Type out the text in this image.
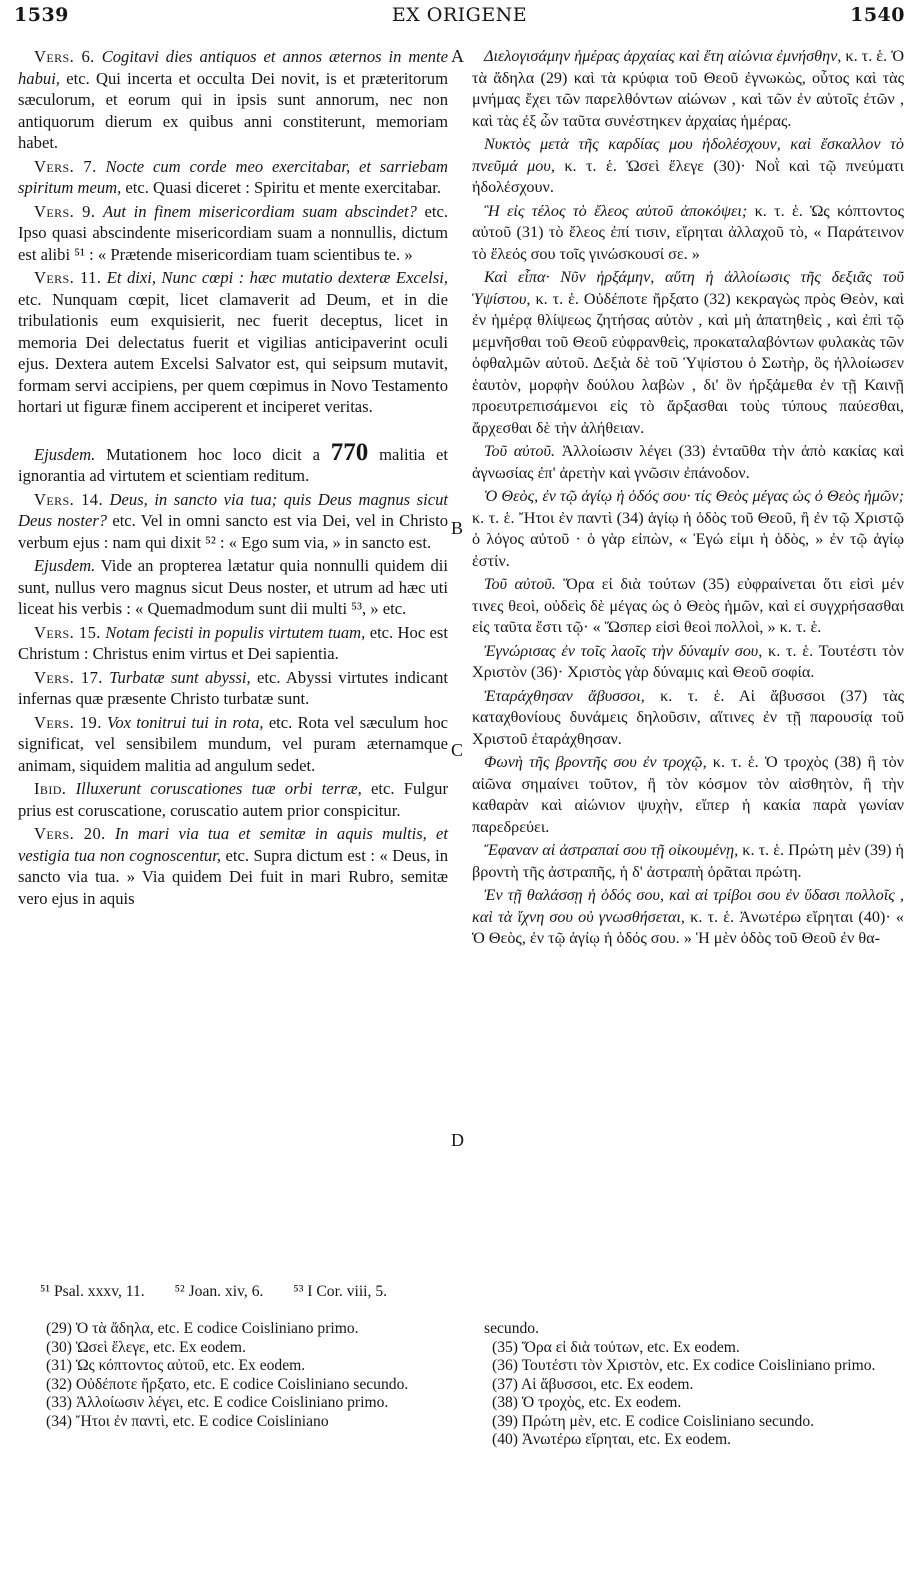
1539	EX ORIGENE	1540
A
B
C
D

Vers. 6. Cogitavi dies antiquos et annos æternos in mente habui, etc. Qui incerta et occulta Dei novit, is et præteritorum sæculorum, et eorum qui in ipsis sunt annorum, nec non antiquorum dierum ex quibus anni constiterunt, memoriam habet.

Vers. 7. Nocte cum corde meo exercitabar, et sarriebam spiritum meum, etc. Quasi diceret : Spiritu et mente exercitabar.

Vers. 9. Aut in finem misericordiam suam abscindet? etc. Ipso quasi abscindente misericordiam suam a nonnullis, dictum est alibi ⁵¹ : « Prætende misericordiam tuam scientibus te. »

Vers. 11. Et dixi, Nunc cœpi : hæc mutatio dexteræ Excelsi, etc. Nunquam cœpit, licet clamaverit ad Deum, et in die tribulationis eum exquisierit, nec fuerit deceptus, licet in memoria Dei delectatus fuerit et vigilias anticipaverint oculi ejus. Dextera autem Excelsi Salvator est, qui seipsum mutavit, formam servi accipiens, per quem cœpimus in Novo Testamento hortari ut figuræ finem acciperent et inciperet veritas.

Ejusdem. Mutationem hoc loco dicit a 770 malitia et ignorantia ad virtutem et scientiam reditum.

Vers. 14. Deus, in sancto via tua; quis Deus magnus sicut Deus noster? etc. Vel in omni sancto est via Dei, vel in Christo verbum ejus : nam qui dixit ⁵² : « Ego sum via, » in sancto est.

Ejusdem. Vide an propterea lætatur quia nonnulli quidem dii sunt, nullus vero magnus sicut Deus noster, et utrum ad hæc uti liceat his verbis : « Quemadmodum sunt dii multi ⁵³, » etc.

Vers. 15. Notam fecisti in populis virtutem tuam, etc. Hoc est Christum : Christus enim virtus et Dei sapientia.

Vers. 17. Turbatæ sunt abyssi, etc. Abyssi virtutes indicant infernas quæ præsente Christo turbatæ sunt.

Vers. 19. Vox tonitrui tui in rota, etc. Rota vel sæculum hoc significat, vel sensibilem mundum, vel puram æternamque animam, siquidem malitia ad angulum sedet.

Ibid. Illuxerunt coruscationes tuæ orbi terræ, etc. Fulgur prius est coruscatione, coruscatio autem prior conspicitur.

Vers. 20. In mari via tua et semitæ in aquis multis, et vestigia tua non cognoscentur, etc. Supra dictum est : « Deus, in sancto via tua. » Via quidem Dei fuit in mari Rubro, semitæ vero ejus in aquis

Διελογισάμην ἡμέρας ἀρχαίας καὶ ἔτη αἰώνια ἐμνήσθην, κ. τ. ἑ. Ὁ τὰ ἄδηλα (29) καὶ τὰ κρύφια τοῦ Θεοῦ ἐγνωκὼς, οὗτος καὶ τὰς μνήμας ἔχει τῶν παρελθόντων αἰώνων , καὶ τῶν ἐν αὐτοῖς ἐτῶν , καὶ τὰς ἐξ ὧν ταῦτα συνέστηκεν ἀρχαίας ἡμέρας.

Νυκτὸς μετὰ τῆς καρδίας μου ἠδολέσχουν, καὶ ἔσκαλλον τὸ πνεῦμά μου, κ. τ. ἑ. Ὡσεὶ ἔλεγε (30)· Νοῒ καὶ τῷ πνεύματι ἠδολέσχουν.

Ἢ εἰς τέλος τὸ ἔλεος αὐτοῦ ἀποκόψει; κ. τ. ἑ. Ὡς κόπτοντος αὐτοῦ (31) τὸ ἔλεος ἐπί τισιν, εἴρηται ἀλλαχοῦ τὸ, « Παράτεινον τὸ ἔλεός σου τοῖς γινώσκουσί σε. »

Καὶ εἶπα· Νῦν ἠρξάμην, αὕτη ἡ ἀλλοίωσις τῆς δεξιᾶς τοῦ Ὑψίστου, κ. τ. ἑ. Οὐδέποτε ἤρξατο (32) κεκραγὼς πρὸς Θεὸν, καὶ ἐν ἡμέρᾳ θλίψεως ζητήσας αὐτὸν , καὶ μὴ ἀπατηθεὶς , καὶ ἐπὶ τῷ μεμνῆσθαι τοῦ Θεοῦ εὐφρανθεὶς, προκαταλαβόντων φυλακὰς τῶν ὀφθαλμῶν αὐτοῦ. Δεξιὰ δὲ τοῦ Ὑψίστου ὁ Σωτὴρ, ὃς ἠλλοίωσεν ἑαυτὸν, μορφὴν δούλου λαβὼν , δι' ὃν ἠρξάμεθα ἐν τῇ Καινῇ προευτρεπισάμενοι εἰς τὸ ἄρξασθαι τοὺς τύπους παύεσθαι, ἄρχεσθαι δὲ τὴν ἀλήθειαν.

Τοῦ αὐτοῦ. Ἀλλοίωσιν λέγει (33) ἐνταῦθα τὴν ἀπὸ κακίας καὶ ἀγνωσίας ἐπ' ἀρετὴν καὶ γνῶσιν ἐπάνοδον.

Ὁ Θεὸς, ἐν τῷ ἁγίῳ ἡ ὁδός σου· τίς Θεὸς μέγας ὡς ὁ Θεὸς ἡμῶν; κ. τ. ἑ. Ἤτοι ἐν παντὶ (34) ἁγίῳ ἡ ὁδὸς τοῦ Θεοῦ, ἢ ἐν τῷ Χριστῷ ὁ λόγος αὐτοῦ · ὁ γὰρ εἰπὼν, « Ἐγώ εἰμι ἡ ὁδὸς, » ἐν τῷ ἁγίῳ ἐστίν.

Τοῦ αὐτοῦ. Ὅρα εἰ διὰ τούτων (35) εὐφραίνεται ὅτι εἰσὶ μέν τινες θεοὶ, οὐδεὶς δὲ μέγας ὡς ὁ Θεὸς ἡμῶν, καὶ εἰ συγχρήσασθαι εἰς ταῦτα ἔστι τῷ· « Ὥσπερ εἰσὶ θεοὶ πολλοὶ, » κ. τ. ἑ.

Ἐγνώρισας ἐν τοῖς λαοῖς τὴν δύναμίν σου, κ. τ. ἑ. Τουτέστι τὸν Χριστὸν (36)· Χριστὸς γὰρ δύναμις καὶ Θεοῦ σοφία.

Ἐταράχθησαν ἄβυσσοι, κ. τ. ἑ. Αἱ ἄβυσσοι (37) τὰς καταχθονίους δυνάμεις δηλοῦσιν, αἵτινες ἐν τῇ παρουσίᾳ τοῦ Χριστοῦ ἐταράχθησαν.

Φωνὴ τῆς βροντῆς σου ἐν τροχῷ, κ. τ. ἑ. Ὁ τροχὸς (38) ἢ τὸν αἰῶνα σημαίνει τοῦτον, ἢ τὸν κόσμον τὸν αἰσθητὸν, ἢ τὴν καθαρὰν καὶ αἰώνιον ψυχὴν, εἴπερ ἡ κακία παρὰ γωνίαν παρεδρεύει.

Ἔφαναν αἱ ἀστραπαί σου τῇ οἰκουμένῃ, κ. τ. ἑ. Πρώτη μὲν (39) ἡ βροντὴ τῆς ἀστραπῆς, ἡ δ' ἀστραπὴ ὁρᾶται πρώτη.

Ἐν τῇ θαλάσσῃ ἡ ὁδός σου, καὶ αἱ τρίβοι σου ἐν ὕδασι πολλοῖς , καὶ τὰ ἴχνη σου οὐ γνωσθήσεται, κ. τ. ἑ. Ἀνωτέρω εἴρηται (40)· « Ὁ Θεὸς, ἐν τῷ ἁγίῳ ἡ ὁδός σου. » Ἡ μὲν ὁδὸς τοῦ Θεοῦ ἐν θα-

⁵¹ Psal. xxxv, 11. ⁵² Joan. xiv, 6. ⁵³ I Cor. viii, 5.
(29) Ὁ τὰ ἄδηλα, etc. E codice Coisliniano primo.
(30) Ὡσεὶ ἔλεγε, etc. Ex eodem.
(31) Ὡς κόπτοντος αὐτοῦ, etc. Ex eodem.
(32) Οὐδέποτε ἤρξατο, etc. E codice Coisliniano secundo.
(33) Ἀλλοίωσιν λέγει, etc. E codice Coisliniano primo.
(34) Ἤτοι ἐν παντὶ, etc. E codice Coisliniano
secundo.
(35) Ὅρα εἰ διὰ τούτων, etc. Ex eodem.
(36) Τουτέστι τὸν Χριστὸν, etc. Ex codice Coisliniano primo.
(37) Αἱ ἄβυσσοι, etc. Ex eodem.
(38) Ὁ τροχὸς, etc. Ex eodem.
(39) Πρώτη μὲν, etc. E codice Coisliniano secundo.
(40) Ἀνωτέρω εἴρηται, etc. Ex eodem.
